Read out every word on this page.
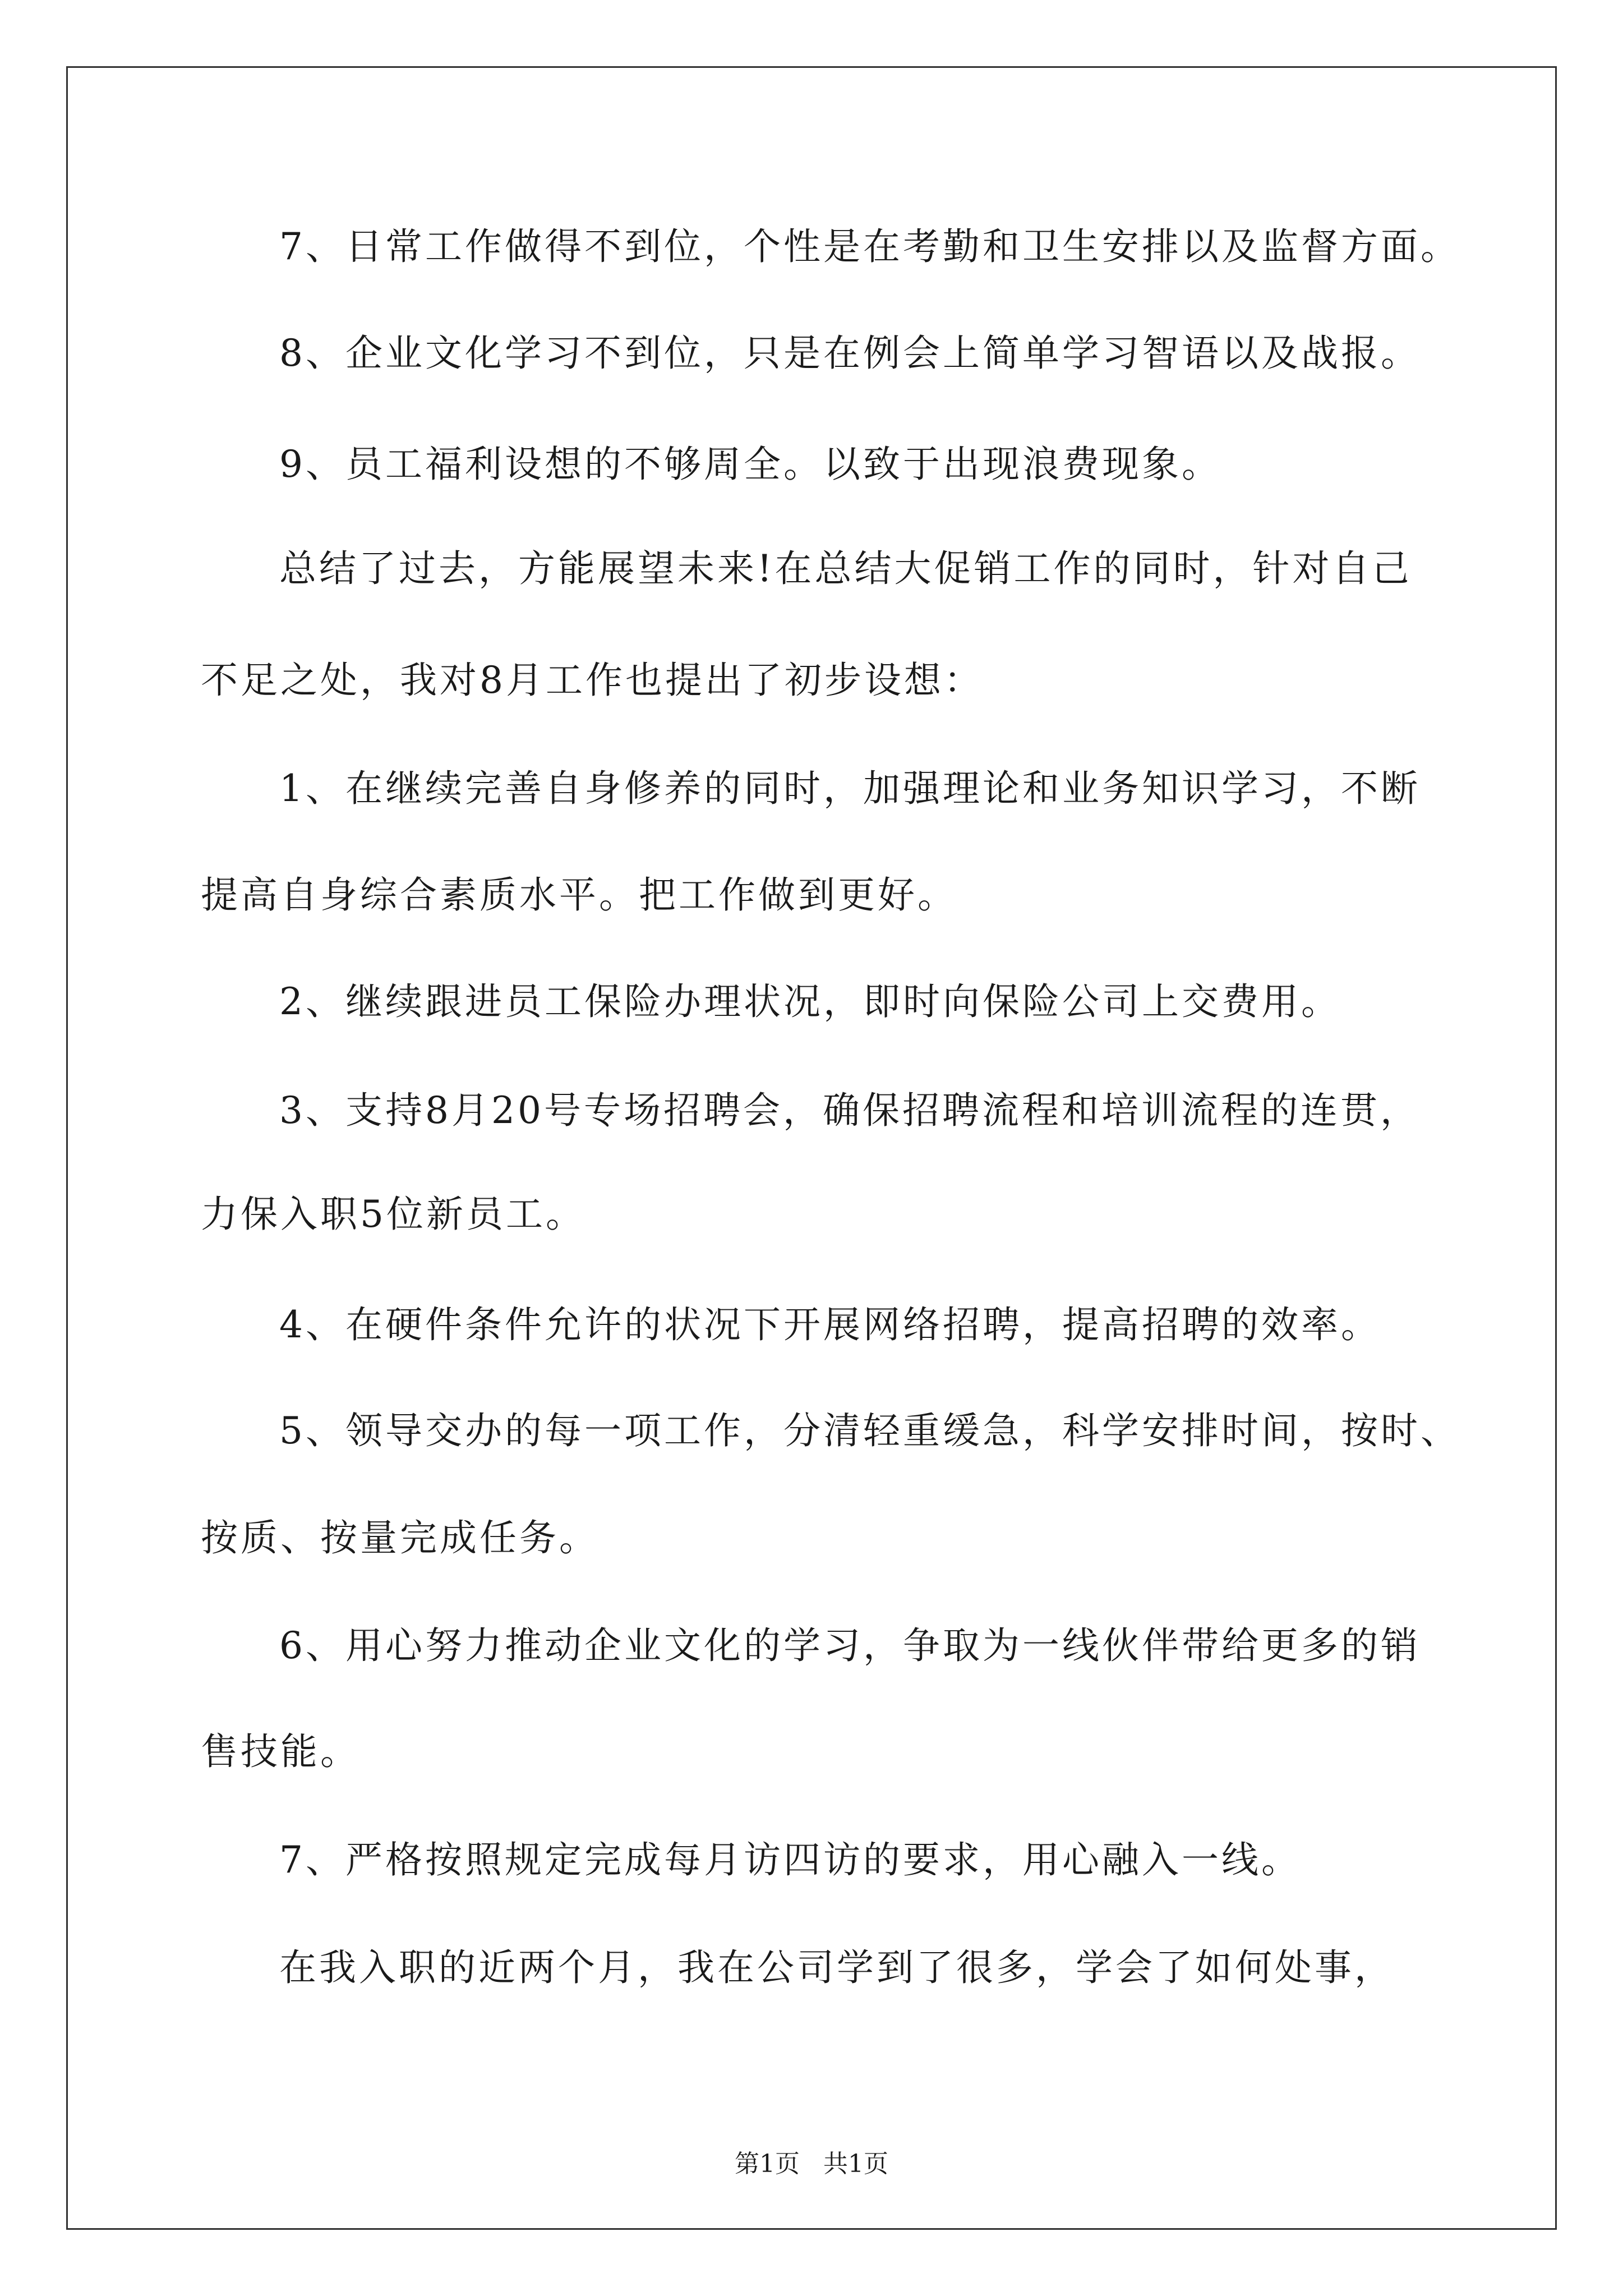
7、日常工作做得不到位，个性是在考勤和卫生安排以及监督方面。
8、企业文化学习不到位，只是在例会上简单学习智语以及战报。
9、员工福利设想的不够周全。以致于出现浪费现象。
总结了过去，方能展望未来!在总结大促销工作的同时，针对自己
不足之处，我对8月工作也提出了初步设想：
1、在继续完善自身修养的同时，加强理论和业务知识学习，不断
提高自身综合素质水平。把工作做到更好。
2、继续跟进员工保险办理状况，即时向保险公司上交费用。
3、支持8月20号专场招聘会，确保招聘流程和培训流程的连贯，
力保入职5位新员工。
4、在硬件条件允许的状况下开展网络招聘，提高招聘的效率。
5、领导交办的每一项工作，分清轻重缓急，科学安排时间，按时、
按质、按量完成任务。
6、用心努力推动企业文化的学习，争取为一线伙伴带给更多的销
售技能。
7、严格按照规定完成每月访四访的要求，用心融入一线。
在我入职的近两个月，我在公司学到了很多，学会了如何处事，
第1页 共1页
